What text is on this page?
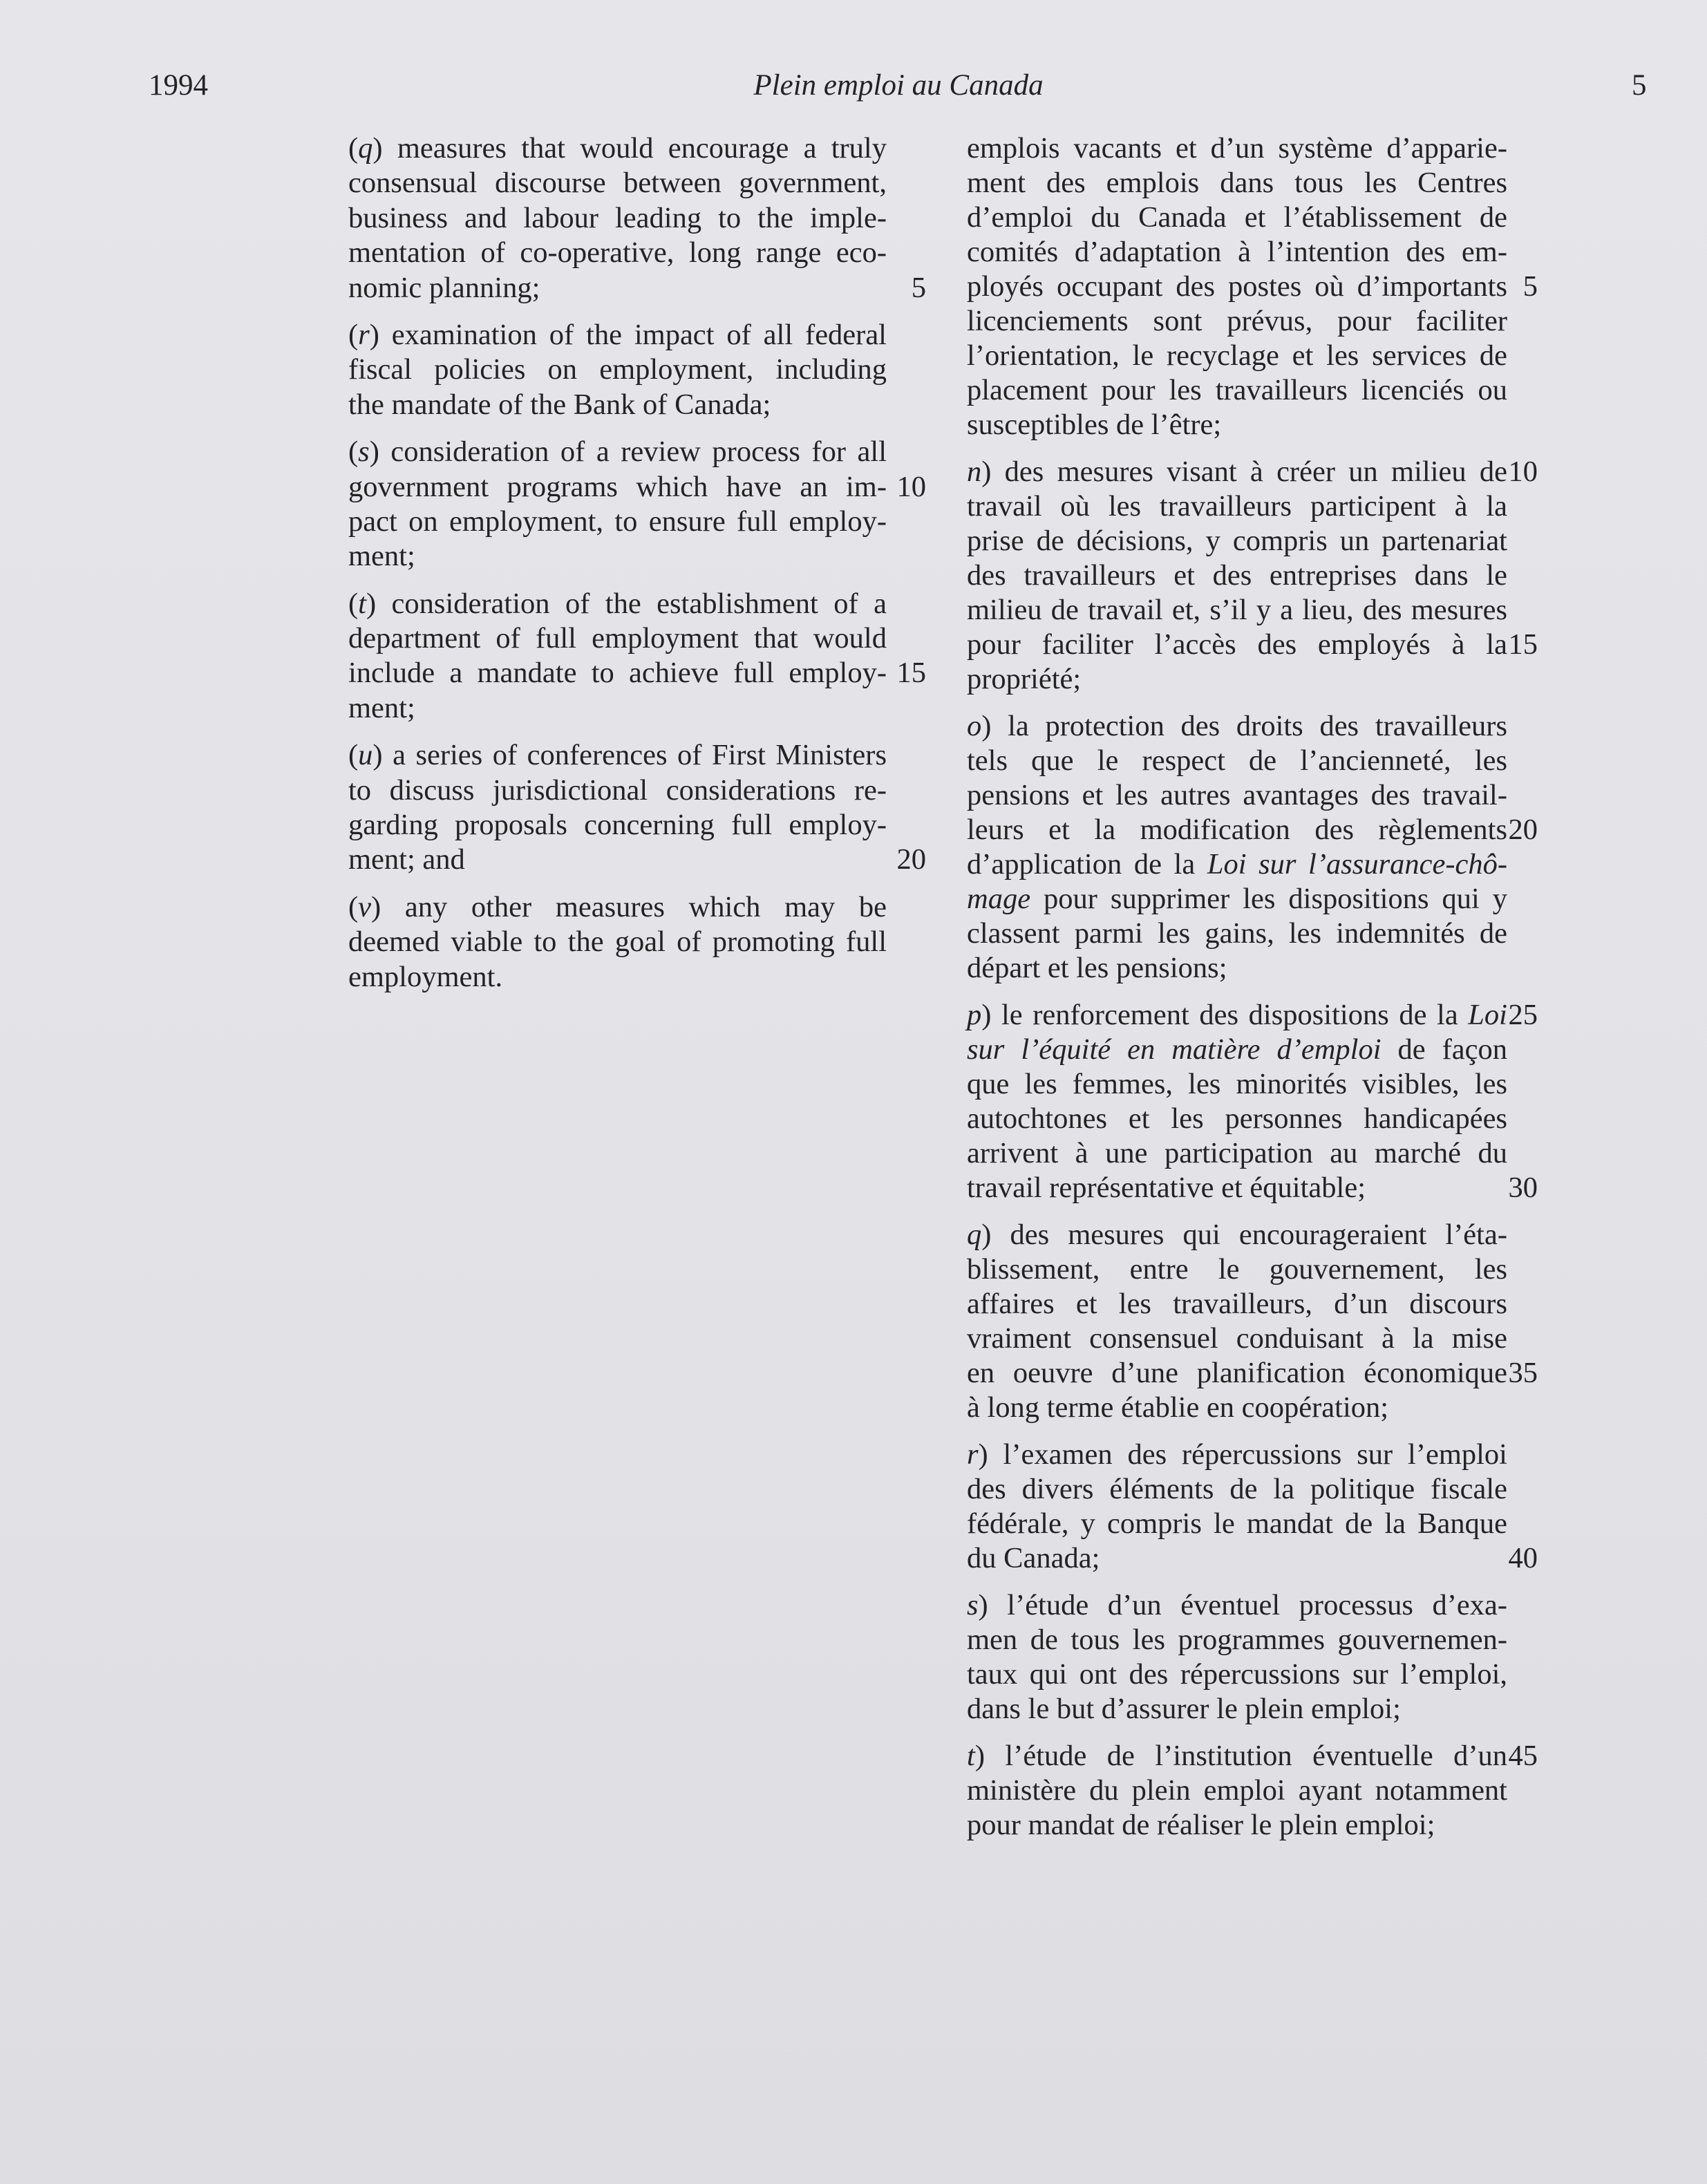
1994	Plein emploi au Canada	5
(q) measures that would encourage a truly
consensual discourse between government,
business and labour leading to the imple-
mentation of co-operative, long range eco-
nomic planning;	5
(r) examination of the impact of all federal
fiscal policies on employment, including
the mandate of the Bank of Canada;
(s) consideration of a review process for all
government programs which have an im- 10
pact on employment, to ensure full employ-
ment;
(t) consideration of the establishment of a
department of full employment that would
include a mandate to achieve full employ- 15
ment;
(u) a series of conferences of First Ministers
to discuss jurisdictional considerations re-
garding proposals concerning full employ-
ment; and	20
(v) any other measures which may be
deemed viable to the goal of promoting full
employment.
emplois vacants et d’un système d’apparie-
ment des emplois dans tous les Centres
d’emploi du Canada et l’établissement de
comités d’adaptation à l’intention des em-
ployés occupant des postes où d’importants 5
licenciements sont prévus, pour faciliter
l’orientation, le recyclage et les services de
placement pour les travailleurs licenciés ou
susceptibles de l’être;
n) des mesures visant à créer un milieu de 10
travail où les travailleurs participent à la
prise de décisions, y compris un partenariat
des travailleurs et des entreprises dans le
milieu de travail et, s’il y a lieu, des mesures
pour faciliter l’accès des employés à la 15
propriété;
o) la protection des droits des travailleurs
tels que le respect de l’ancienneté, les
pensions et les autres avantages des travail-
leurs et la modification des règlements 20
d’application de la Loi sur l’assurance-chô-
mage pour supprimer les dispositions qui y
classent parmi les gains, les indemnités de
départ et les pensions;
p) le renforcement des dispositions de la Loi 25
sur l’équité en matière d’emploi de façon
que les femmes, les minorités visibles, les
autochtones et les personnes handicapées
arrivent à une participation au marché du
travail représentative et équitable;	30
q) des mesures qui encourageraient l’éta-
blissement, entre le gouvernement, les
affaires et les travailleurs, d’un discours
vraiment consensuel conduisant à la mise
en oeuvre d’une planification économique 35
à long terme établie en coopération;
r) l’examen des répercussions sur l’emploi
des divers éléments de la politique fiscale
fédérale, y compris le mandat de la Banque
du Canada;	40
s) l’étude d’un éventuel processus d’exa-
men de tous les programmes gouvernemen-
taux qui ont des répercussions sur l’emploi,
dans le but d’assurer le plein emploi;
t) l’étude de l’institution éventuelle d’un 45
ministère du plein emploi ayant notamment
pour mandat de réaliser le plein emploi;
